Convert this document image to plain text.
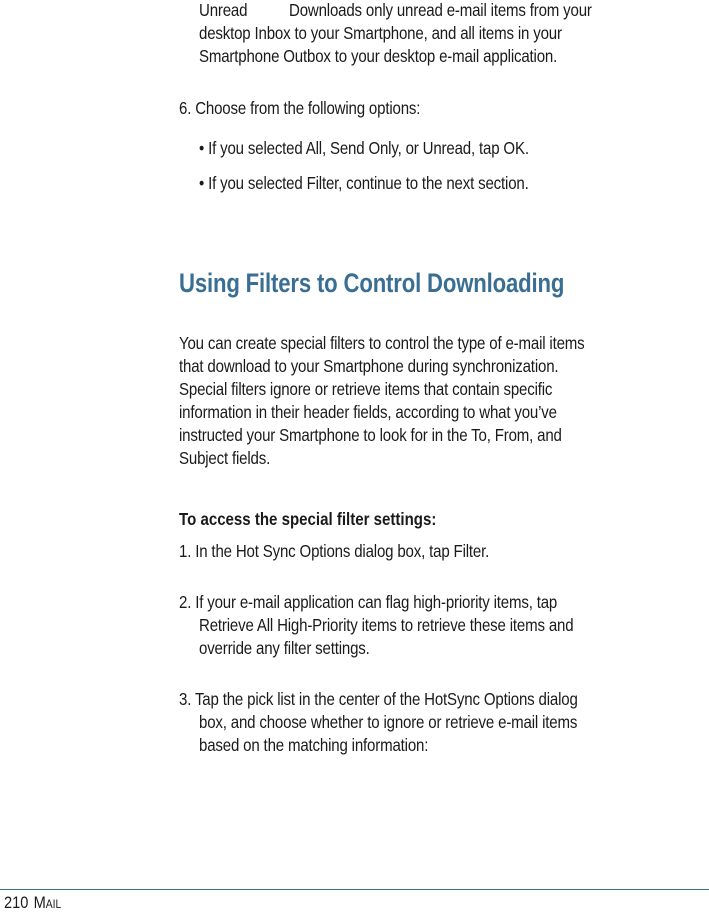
Unread Downloads only unread e-mail items from your
desktop Inbox to your Smartphone, and all items in your
Smartphone Outbox to your desktop e-mail application.
6. Choose from the following options:
• If you selected All, Send Only, or Unread, tap OK.
• If you selected Filter, continue to the next section.
Using Filters to Control Downloading
You can create special filters to control the type of e-mail items
that download to your Smartphone during synchronization.
Special filters ignore or retrieve items that contain specific
information in their header fields, according to what you’ve
instructed your Smartphone to look for in the To, From, and
Subject fields.
To access the special filter settings:
1. In the Hot Sync Options dialog box, tap Filter.
2. If your e-mail application can flag high-priority items, tap
Retrieve All High-Priority items to retrieve these items and
override any filter settings.
3. Tap the pick list in the center of the HotSync Options dialog
box, and choose whether to ignore or retrieve e-mail items
based on the matching information:
210 Mail
